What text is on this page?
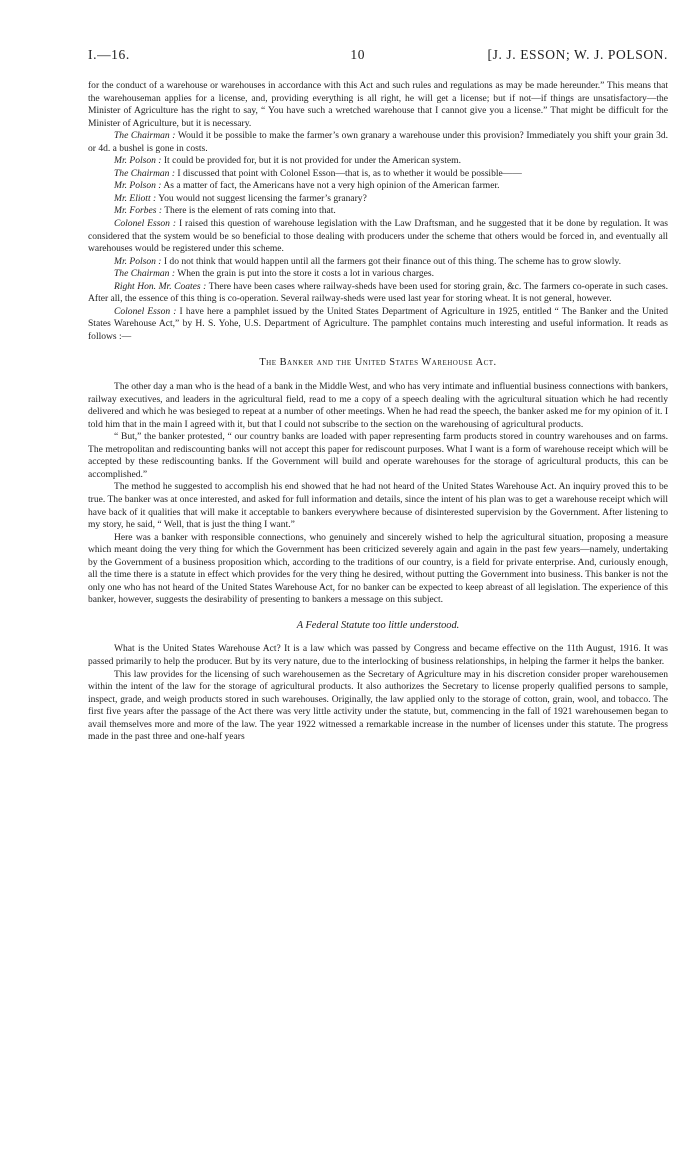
I.—16.	10	[J. J. ESSON; W. J. POLSON.

for the conduct of a warehouse or warehouses in accordance with this Act and such rules and regulations as may be made hereunder.” This means that the warehouseman applies for a license, and, providing everything is all right, he will get a license; but if not—if things are unsatisfactory—the Minister of Agriculture has the right to say, “ You have such a wretched warehouse that I cannot give you a license.” That might be difficult for the Minister of Agriculture, but it is necessary.

The Chairman : Would it be possible to make the farmer’s own granary a warehouse under this provision? Immediately you shift your grain 3d. or 4d. a bushel is gone in costs.

Mr. Polson : It could be provided for, but it is not provided for under the American system.

The Chairman : I discussed that point with Colonel Esson—that is, as to whether it would be possible——

Mr. Polson : As a matter of fact, the Americans have not a very high opinion of the American farmer.

Mr. Eliott : You would not suggest licensing the farmer’s granary?

Mr. Forbes : There is the element of rats coming into that.

Colonel Esson : I raised this question of warehouse legislation with the Law Draftsman, and he suggested that it be done by regulation. It was considered that the system would be so beneficial to those dealing with producers under the scheme that others would be forced in, and eventually all warehouses would be registered under this scheme.

Mr. Polson : I do not think that would happen until all the farmers got their finance out of this thing. The scheme has to grow slowly.

The Chairman : When the grain is put into the store it costs a lot in various charges.

Right Hon. Mr. Coates : There have been cases where railway-sheds have been used for storing grain, &c. The farmers co-operate in such cases. After all, the essence of this thing is co-operation. Several railway-sheds were used last year for storing wheat. It is not general, however.

Colonel Esson : I have here a pamphlet issued by the United States Department of Agriculture in 1925, entitled “ The Banker and the United States Warehouse Act,” by H. S. Yohe, U.S. Department of Agriculture. The pamphlet contains much interesting and useful information. It reads as follows :—

The Banker and the United States Warehouse Act.

The other day a man who is the head of a bank in the Middle West, and who has very intimate and influential business connections with bankers, railway executives, and leaders in the agricultural field, read to me a copy of a speech dealing with the agricultural situation which he had recently delivered and which he was besieged to repeat at a number of other meetings. When he had read the speech, the banker asked me for my opinion of it. I told him that in the main I agreed with it, but that I could not subscribe to the section on the warehousing of agricultural products.

“ But,” the banker protested, “ our country banks are loaded with paper representing farm products stored in country warehouses and on farms. The metropolitan and rediscounting banks will not accept this paper for rediscount purposes. What I want is a form of warehouse receipt which will be accepted by these rediscounting banks. If the Government will build and operate warehouses for the storage of agricultural products, this can be accomplished.”

The method he suggested to accomplish his end showed that he had not heard of the United States Warehouse Act. An inquiry proved this to be true. The banker was at once interested, and asked for full information and details, since the intent of his plan was to get a warehouse receipt which will have back of it qualities that will make it acceptable to bankers everywhere because of disinterested supervision by the Government. After listening to my story, he said, “ Well, that is just the thing I want.”

Here was a banker with responsible connections, who genuinely and sincerely wished to help the agricultural situation, proposing a measure which meant doing the very thing for which the Government has been criticized severely again and again in the past few years—namely, undertaking by the Government of a business proposition which, according to the traditions of our country, is a field for private enterprise. And, curiously enough, all the time there is a statute in effect which provides for the very thing he desired, without putting the Government into business. This banker is not the only one who has not heard of the United States Warehouse Act, for no banker can be expected to keep abreast of all legislation. The experience of this banker, however, suggests the desirability of presenting to bankers a message on this subject.

A Federal Statute too little understood.

What is the United States Warehouse Act? It is a law which was passed by Congress and became effective on the 11th August, 1916. It was passed primarily to help the producer. But by its very nature, due to the interlocking of business relationships, in helping the farmer it helps the banker.

This law provides for the licensing of such warehousemen as the Secretary of Agriculture may in his discretion consider proper warehousemen within the intent of the law for the storage of agricultural products. It also authorizes the Secretary to license properly qualified persons to sample, inspect, grade, and weigh products stored in such warehouses. Originally, the law applied only to the storage of cotton, grain, wool, and tobacco. The first five years after the passage of the Act there was very little activity under the statute, but, commencing in the fall of 1921 warehousemen began to avail themselves more and more of the law. The year 1922 witnessed a remarkable increase in the number of licenses under this statute. The progress made in the past three and one-half years
